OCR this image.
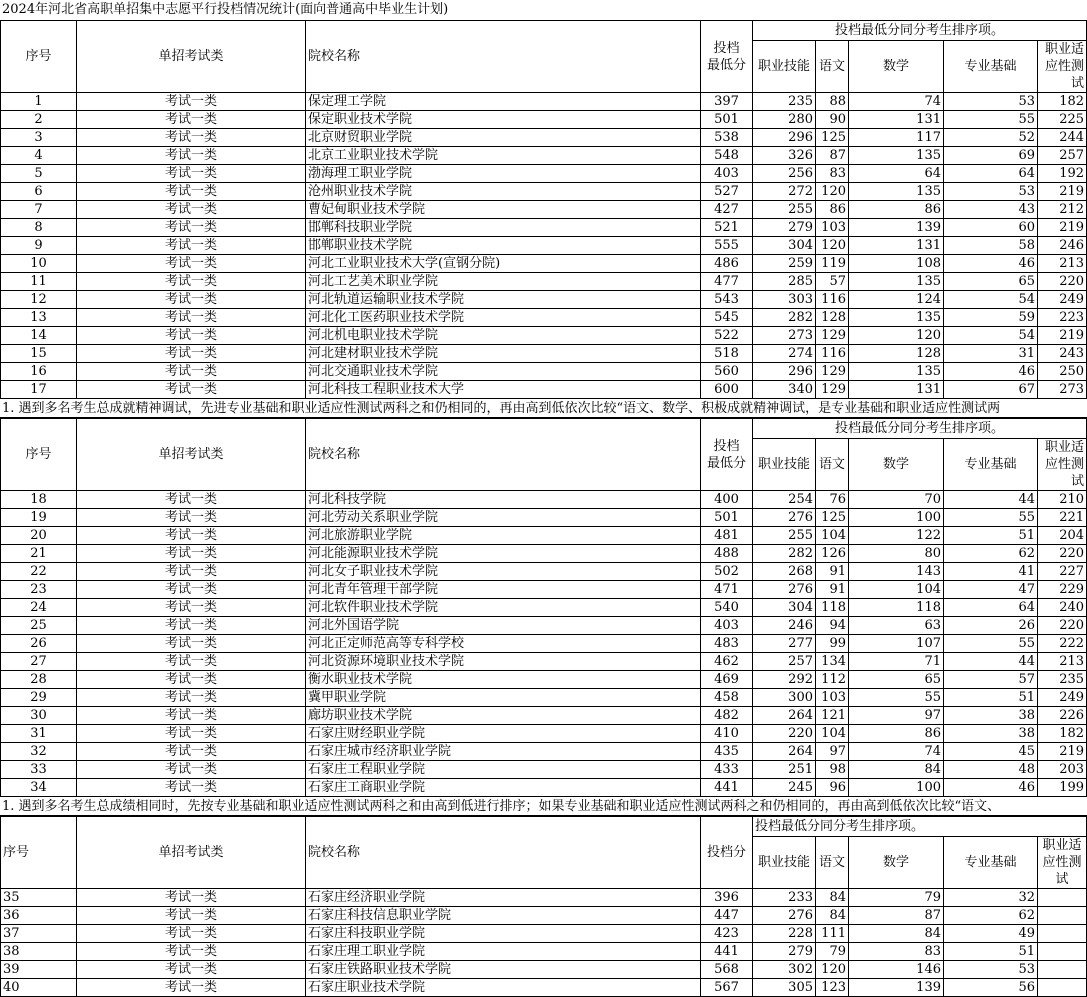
2024年河北省高职单招集中志愿平行投档情况统计(面向普通高中毕业生计划)
序号	单招考试类	院校名称	投档
最低分	投档最低分同分考生排序项。				
				职业技能	语文	数学	专业基础	职业适应性测试
1	考试一类	保定理工学院	397	235	88	74	53	182
2	考试一类	保定职业技术学院	501	280	90	131	55	225
3	考试一类	北京财贸职业学院	538	296	125	117	52	244
4	考试一类	北京工业职业技术学院	548	326	87	135	69	257
5	考试一类	渤海理工职业学院	403	256	83	64	64	192
6	考试一类	沧州职业技术学院	527	272	120	135	53	219
7	考试一类	曹妃甸职业技术学院	427	255	86	86	43	212
8	考试一类	邯郸科技职业学院	521	279	103	139	60	219
9	考试一类	邯郸职业技术学院	555	304	120	131	58	246
10	考试一类	河北工业职业技术大学(宣钢分院)	486	259	119	108	46	213
11	考试一类	河北工艺美术职业学院	477	285	57	135	65	220
12	考试一类	河北轨道运输职业技术学院	543	303	116	124	54	249
13	考试一类	河北化工医药职业技术学院	545	282	128	135	59	223
14	考试一类	河北机电职业技术学院	522	273	129	120	54	219
15	考试一类	河北建材职业技术学院	518	274	116	128	31	243
16	考试一类	河北交通职业技术学院	560	296	129	135	46	250
17	考试一类	河北科技工程职业技术大学	600	340	129	131	67	273
1. 遇到多名考生总成就精神调试，先进专业基础和职业适应性测试两科之和仍相同的，再由高到低依次比较“语文、数学、积极成就精神调试，是专业基础和职业适应性测试两
序号	单招考试类	院校名称	投档
最低分	投档最低分同分考生排序项。				
				职业技能	语文	数学	专业基础	职业适应性测试
18	考试一类	河北科技学院	400	254	76	70	44	210
19	考试一类	河北劳动关系职业学院	501	276	125	100	55	221
20	考试一类	河北旅游职业学院	481	255	104	122	51	204
21	考试一类	河北能源职业技术学院	488	282	126	80	62	220
22	考试一类	河北女子职业技术学院	502	268	91	143	41	227
23	考试一类	河北青年管理干部学院	471	276	91	104	47	229
24	考试一类	河北软件职业技术学院	540	304	118	118	64	240
25	考试一类	河北外国语学院	403	246	94	63	26	220
26	考试一类	河北正定师范高等专科学校	483	277	99	107	55	222
27	考试一类	河北资源环境职业技术学院	462	257	134	71	44	213
28	考试一类	衡水职业技术学院	469	292	112	65	57	235
29	考试一类	冀甲职业学院	458	300	103	55	51	249
30	考试一类	廊坊职业技术学院	482	264	121	97	38	226
31	考试一类	石家庄财经职业学院	410	220	104	86	38	182
32	考试一类	石家庄城市经济职业学院	435	264	97	74	45	219
33	考试一类	石家庄工程职业学院	433	251	98	84	48	203
34	考试一类	石家庄工商职业学院	441	245	96	100	46	199
1. 遇到多名考生总成绩相同时，先按专业基础和职业适应性测试两科之和由高到低进行排序；如果专业基础和职业适应性测试两科之和仍相同的，再由高到低依次比较“语文、
序号	单招考试类	院校名称	投档分	投档最低分同分考生排序项。				
				职业技能	语文	数学	专业基础	职业适应性测试
35	考试一类	石家庄经济职业学院	396	233	84	79	32	
36	考试一类	石家庄科技信息职业学院	447	276	84	87	62	
37	考试一类	石家庄科技职业学院	423	228	111	84	49	
38	考试一类	石家庄理工职业学院	441	279	79	83	51	
39	考试一类	石家庄铁路职业技术学院	568	302	120	146	53	
40	考试一类	石家庄职业技术学院	567	305	123	139	56	
